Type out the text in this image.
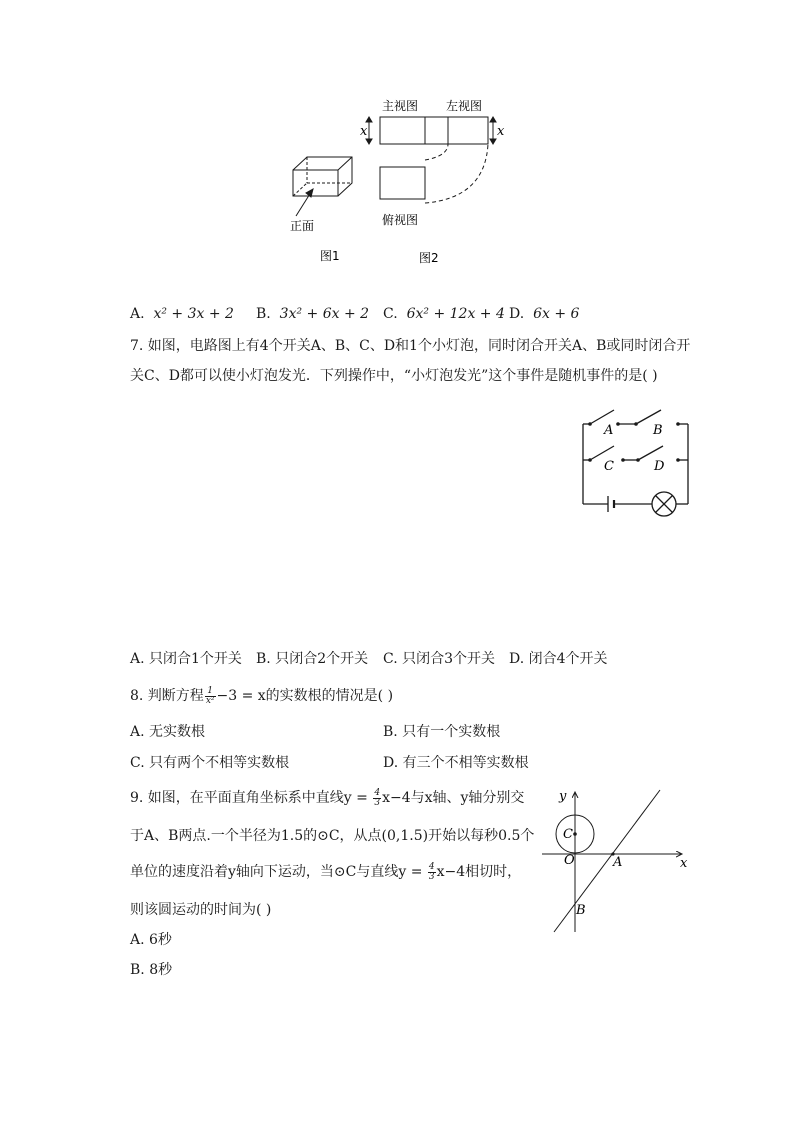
正面
图1
主视图 左视图
俯视图
x	x
图2
A. x² + 3x + 2 B. 3x² + 6x + 2 C. 6x² + 12x + 4 D. 6x + 6
7. 如图，电路图上有4个开关A、B、C、D和1个小灯泡，同时闭合开关A、B或同时闭合开
关C、D都可以使小灯泡发光．下列操作中，“小灯泡发光”这个事件是随机事件的是( )
A	B
C	D
A. 只闭合1个开关 B. 只闭合2个开关 C. 只闭合3个开关 D. 闭合4个开关
8. 判断方程 $\frac{1}{\text{x²}} -3 = x$的实数根的情况是( )
A. 无实数根	B. 只有一个实数根
C. 只有两个不相等实数根	D. 有三个不相等实数根
9. 如图，在平面直角坐标系中直线$y = \frac{4}{3} x-4$与x轴、y轴分别交
于A、B两点.一个半径为1.5的⊙C，从点(0,1.5)开始以每秒0.5个
单位的速度沿着y轴向下运动，当⊙C与直线$y = \frac{4}{3} x-4$相切时，
则该圆运动的时间为( )
A. 6秒
B. 8秒
y
x
O	A
B
C
